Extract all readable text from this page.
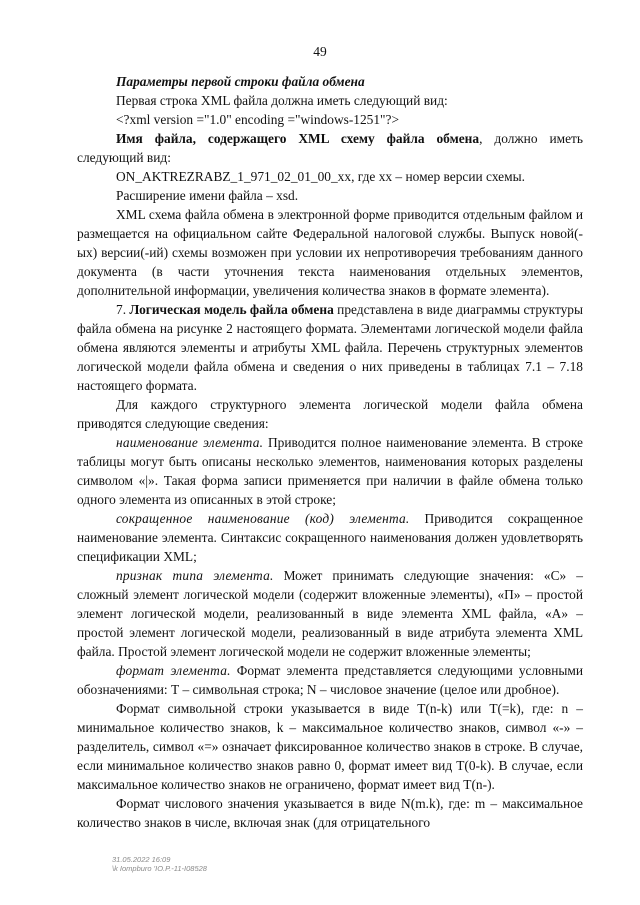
49

Параметры первой строки файла обмена

Первая строка XML файла должна иметь следующий вид:

<?xml version ="1.0" encoding ="windows-1251"?>

Имя файла, содержащего XML схему файла обмена, должно иметь следующий вид:

ON_AKTREZRABZ_1_971_02_01_00_xx, где xx – номер версии схемы.

Расширение имени файла – xsd.

XML схема файла обмена в электронной форме приводится отдельным файлом и размещается на официальном сайте Федеральной налоговой службы. Выпуск новой(-ых) версии(-ий) схемы возможен при условии их непротиворечия требованиям данного документа (в части уточнения текста наименования отдельных элементов, дополнительной информации, увеличения количества знаков в формате элемента).

7. Логическая модель файла обмена представлена в виде диаграммы структуры файла обмена на рисунке 2 настоящего формата. Элементами логической модели файла обмена являются элементы и атрибуты XML файла. Перечень структурных элементов логической модели файла обмена и сведения о них приведены в таблицах 7.1 – 7.18 настоящего формата.

Для каждого структурного элемента логической модели файла обмена приводятся следующие сведения:

наименование элемента. Приводится полное наименование элемента. В строке таблицы могут быть описаны несколько элементов, наименования которых разделены символом «|». Такая форма записи применяется при наличии в файле обмена только одного элемента из описанных в этой строке;

сокращенное наименование (код) элемента. Приводится сокращенное наименование элемента. Синтаксис сокращенного наименования должен удовлетворять спецификации XML;

признак типа элемента. Может принимать следующие значения: «С» – сложный элемент логической модели (содержит вложенные элементы), «П» – простой элемент логической модели, реализованный в виде элемента XML файла, «А» – простой элемент логической модели, реализованный в виде атрибута элемента XML файла. Простой элемент логической модели не содержит вложенные элементы;

формат элемента. Формат элемента представляется следующими условными обозначениями: Т – символьная строка; N – числовое значение (целое или дробное).

Формат символьной строки указывается в виде Т(n-k) или Т(=k), где: n – минимальное количество знаков, k – максимальное количество знаков, символ «-» – разделитель, символ «=» означает фиксированное количество знаков в строке. В случае, если минимальное количество знаков равно 0, формат имеет вид Т(0-k). В случае, если максимальное количество знаков не ограничено, формат имеет вид Т(n-).

Формат числового значения указывается в виде N(m.k), где: m – максимальное количество знаков в числе, включая знак (для отрицательного

31.05.2022 16:09
\k Iompburo 'IO.P.-11-I08528
